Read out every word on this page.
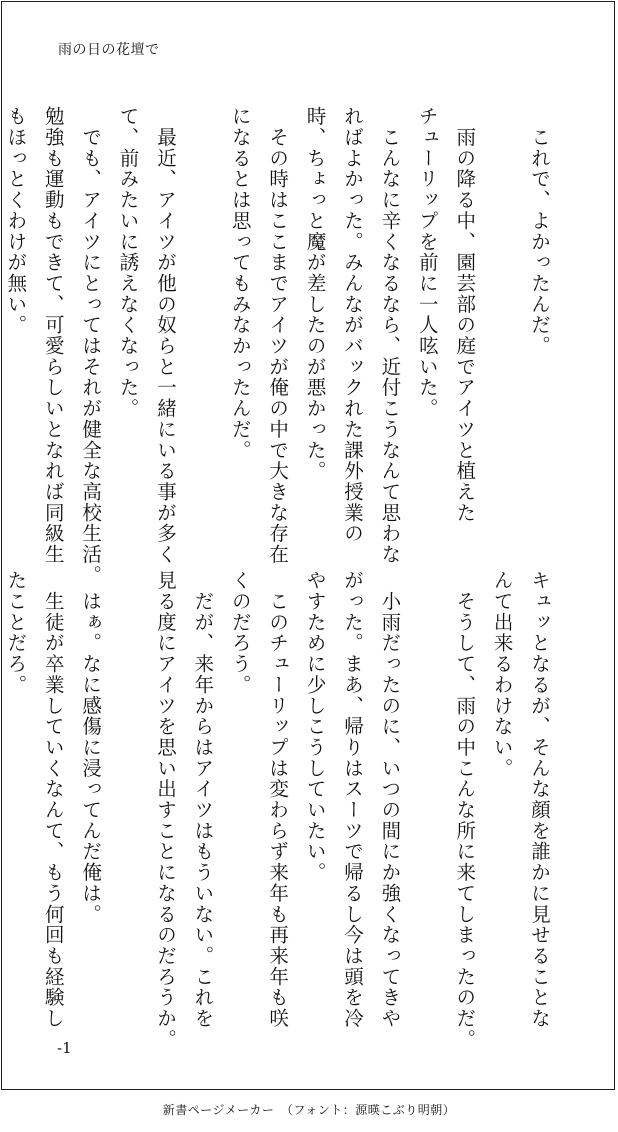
雨の日の花壇で
　これで、よかったんだ。

　雨の降る中、園芸部の庭でアイツと植えた
チューリップを前に一人呟いた。
　こんなに辛くなるなら、近付こうなんて思わな
ればよかった。みんながバックれた課外授業の
時、ちょっと魔が差したのが悪かった。
　その時はここまでアイツが俺の中で大きな存在
になるとは思ってもみなかったんだ。

　最近、アイツが他の奴らと一緒にいる事が多く
て、前みたいに誘えなくなった。
　でも、アイツにとってはそれが健全な高校生活。
勉強も運動もできて、可愛らしいとなれば同級生
もほっとくわけが無い。
キュッとなるが、そんな顔を誰かに見せることな
んて出来るわけない。
　そうして、雨の中こんな所に来てしまったのだ。

　小雨だったのに、いつの間にか強くなってきや
がった。まあ、帰りはスーツで帰るし今は頭を冷
やすために少しこうしていたい。
　このチューリップは変わらず来年も再来年も咲
くのだろう。
　だが、来年からはアイツはもういない。これを
見る度にアイツを思い出すことになるのだろうか。

　はぁ。なに感傷に浸ってんだ俺は。
　生徒が卒業していくなんて、もう何回も経験し
たことだろ。
-1
新書ページメーカー　（フォント：源暎こぶり明朝）
